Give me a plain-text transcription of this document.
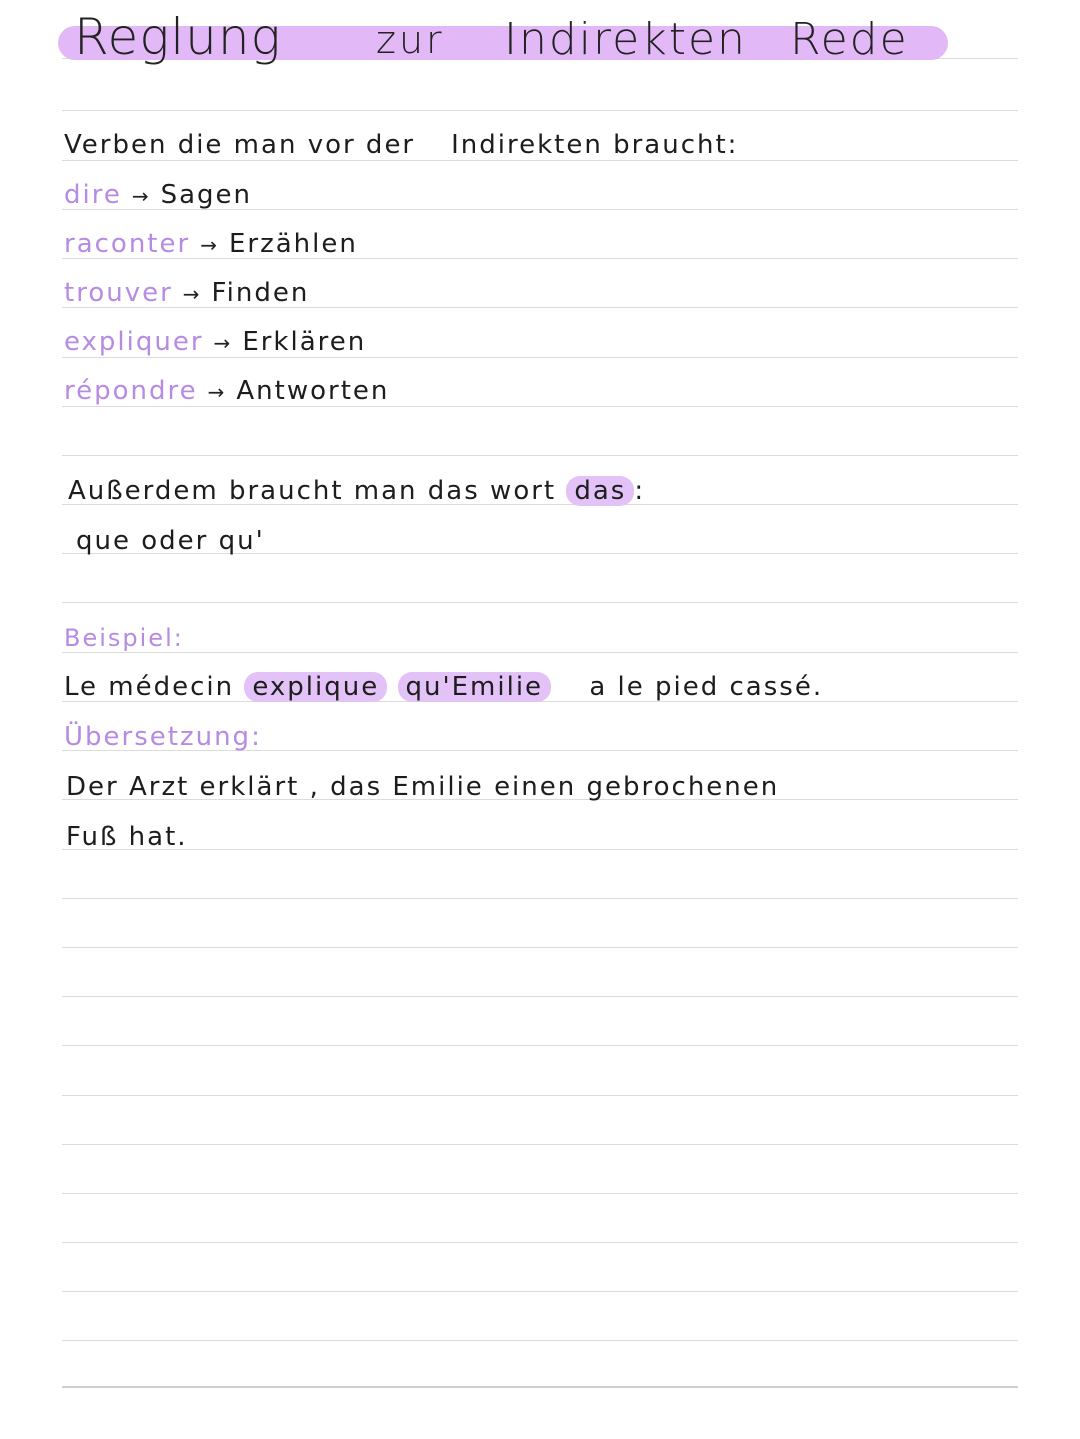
Reglung zur Indirekten Rede
Verben die man vor der Indirekten braucht:
dire → Sagen
raconter → Erzählen
trouver → Finden
expliquer → Erklären
répondre → Antworten
Außerdem braucht man das wort das :
que oder qu'
Beispiel:
Le médecin explique qu'Emilie a le pied cassé.
Übersetzung:
Der Arzt erklärt , das Emilie einen gebrochenen
Fuß hat.
